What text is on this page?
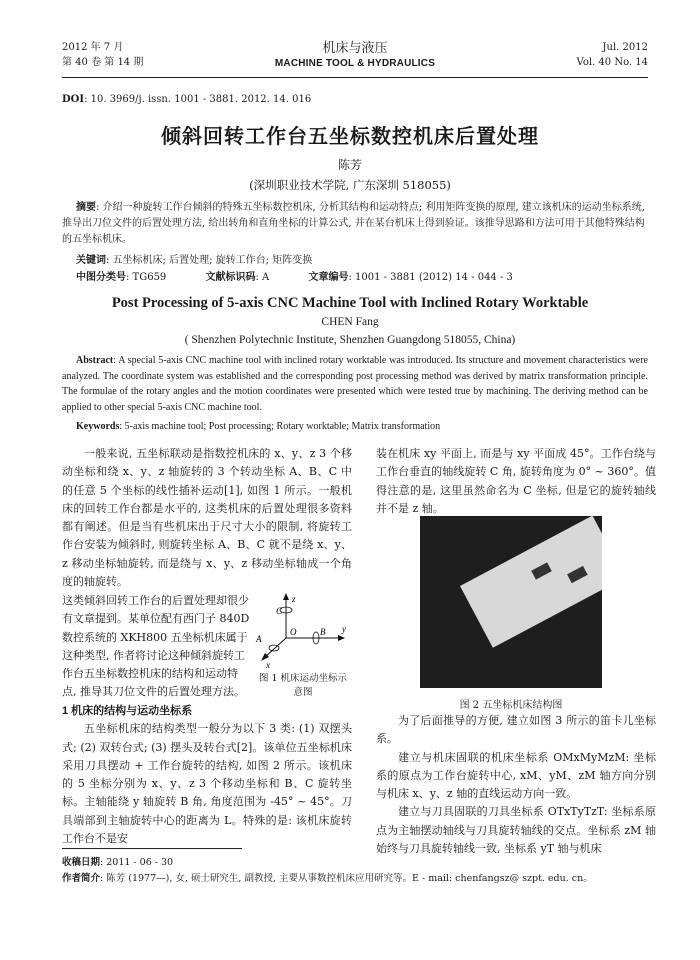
2012 年 7 月
第 40 卷 第 14 期
机床与液压
MACHINE TOOL & HYDRAULICS
Jul. 2012
Vol. 40 No. 14
DOI: 10. 3969/j. issn. 1001 - 3881. 2012. 14. 016
倾斜回转工作台五坐标数控机床后置处理
陈芳
(深圳职业技术学院, 广东深圳 518055)
摘要: 介绍一种旋转工作台倾斜的特殊五坐标数控机床, 分析其结构和运动特点; 利用矩阵变换的原理, 建立该机床的运动坐标系统, 推导出刀位文件的后置处理方法, 给出转角和直角坐标的计算公式, 并在某台机床上得到验证。该推导思路和方法可用于其他特殊结构的五坐标机床。
关键词: 五坐标机床; 后置处理; 旋转工作台; 矩阵变换
中图分类号: TG659	文献标识码: A	文章编号: 1001 - 3881 (2012) 14 - 044 - 3
Post Processing of 5-axis CNC Machine Tool with Inclined Rotary Worktable
CHEN Fang
( Shenzhen Polytechnic Institute, Shenzhen Guangdong 518055, China)
Abstract: A special 5-axis CNC machine tool with inclined rotary worktable was introduced. Its structure and movement characteristics were analyzed. The coordinate system was established and the corresponding post processing method was derived by matrix transformation principle. The formulae of the rotary angles and the motion coordinates were presented which were tested true by machining. The deriving method can be applied to other special 5-axis CNC machine tool.
Keywords: 5-axis machine tool; Post processing; Rotary worktable; Matrix transformation
一般来说, 五坐标联动是指数控机床的 x、y、z 3 个移动坐标和绕 x、y、z 轴旋转的 3 个转动坐标 A、B、C 中的任意 5 个坐标的线性插补运动[1], 如图 1 所示。一般机床的回转工作台都是水平的, 这类机床的后置处理很多资料都有阐述。但是当有些机床出于尺寸大小的限制, 将旋转工作台安装为倾斜时, 则旋转坐标 A、B、C 就不是绕 x、y、z 移动坐标轴旋转, 而是绕与 x、y、z 移动坐标轴成一个角度的轴旋转。
这类倾斜回转工作台的后置处理却很少有文章提到。某单位配有西门子 840D 数控系统的 XKH800 五坐标机床属于这种类型, 作者将讨论这种倾斜旋转工作台五坐标数控机床的结构和运动特点, 推导其刀位文件的后置处理方法。
z
C
A
O	B y
x
图 1 机床运动坐标示意图
1 机床的结构与运动坐标系
五坐标机床的结构类型一般分为以下 3 类: (1) 双摆头式; (2) 双转台式; (3) 摆头及转台式[2]。该单位五坐标机床采用刀具摆动 + 工作台旋转的结构, 如图 2 所示。该机床的 5 坐标分别为 x、y、z 3 个移动坐标和 B、C 旋转坐标。主轴能绕 y 轴旋转 B 角, 角度范围为 -45° ~ 45°。刀具端部到主轴旋转中心的距离为 L。特殊的是: 该机床旋转工作台不是安
装在机床 xy 平面上, 而是与 xy 平面成 45°。工作台绕与工作台垂直的轴线旋转 C 角, 旋转角度为 0° ~ 360°。值得注意的是, 这里虽然命名为 C 坐标, 但是它的旋转轴线并不是 z 轴。
图 2 五坐标机床结构图
为了后面推导的方便, 建立如图 3 所示的笛卡儿坐标系。
建立与机床固联的机床坐标系 OMxMyMzM: 坐标系的原点为工作台旋转中心, xM、yM、zM 轴方向分别与机床 x、y、z 轴的直线运动方向一致。
建立与刀具固联的刀具坐标系 OTxTyTzT: 坐标系原点为主轴摆动轴线与刀具旋转轴线的交点。坐标系 zM 轴始终与刀具旋转轴线一致, 坐标系 yT 轴与机床
收稿日期: 2011 - 06 - 30
作者简介: 陈芳 (1977—), 女, 硕士研究生, 副教授, 主要从事数控机床应用研究等。E - mail: chenfangsz@ szpt. edu. cn。
